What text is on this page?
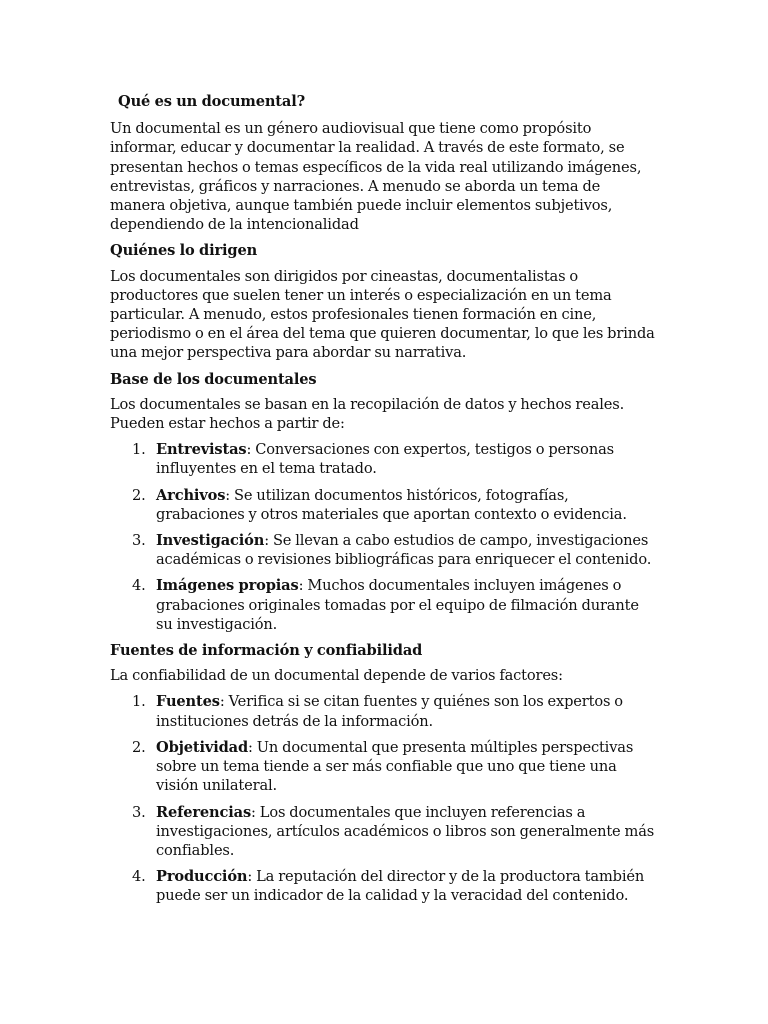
Qué es un documental?

Un documental es un género audiovisual que tiene como propósito informar, educar y documentar la realidad. A través de este formato, se presentan hechos o temas específicos de la vida real utilizando imágenes, entrevistas, gráficos y narraciones. A menudo se aborda un tema de manera objetiva, aunque también puede incluir elementos subjetivos, dependiendo de la intencionalidad

Quiénes lo dirigen

Los documentales son dirigidos por cineastas, documentalistas o productores que suelen tener un interés o especialización en un tema particular. A menudo, estos profesionales tienen formación en cine, periodismo o en el área del tema que quieren documentar, lo que les brinda una mejor perspectiva para abordar su narrativa.

Base de los documentales

Los documentales se basan en la recopilación de datos y hechos reales. Pueden estar hechos a partir de:

1. Entrevistas: Conversaciones con expertos, testigos o personas influyentes en el tema tratado.
2. Archivos: Se utilizan documentos históricos, fotografías, grabaciones y otros materiales que aportan contexto o evidencia.
3. Investigación: Se llevan a cabo estudios de campo, investigaciones académicas o revisiones bibliográficas para enriquecer el contenido.
4. Imágenes propias: Muchos documentales incluyen imágenes o grabaciones originales tomadas por el equipo de filmación durante su investigación.
Fuentes de información y confiabilidad

La confiabilidad de un documental depende de varios factores:

1. Fuentes: Verifica si se citan fuentes y quiénes son los expertos o instituciones detrás de la información.
2. Objetividad: Un documental que presenta múltiples perspectivas sobre un tema tiende a ser más confiable que uno que tiene una visión unilateral.
3. Referencias: Los documentales que incluyen referencias a investigaciones, artículos académicos o libros son generalmente más confiables.
4. Producción: La reputación del director y de la productora también puede ser un indicador de la calidad y la veracidad del contenido.
